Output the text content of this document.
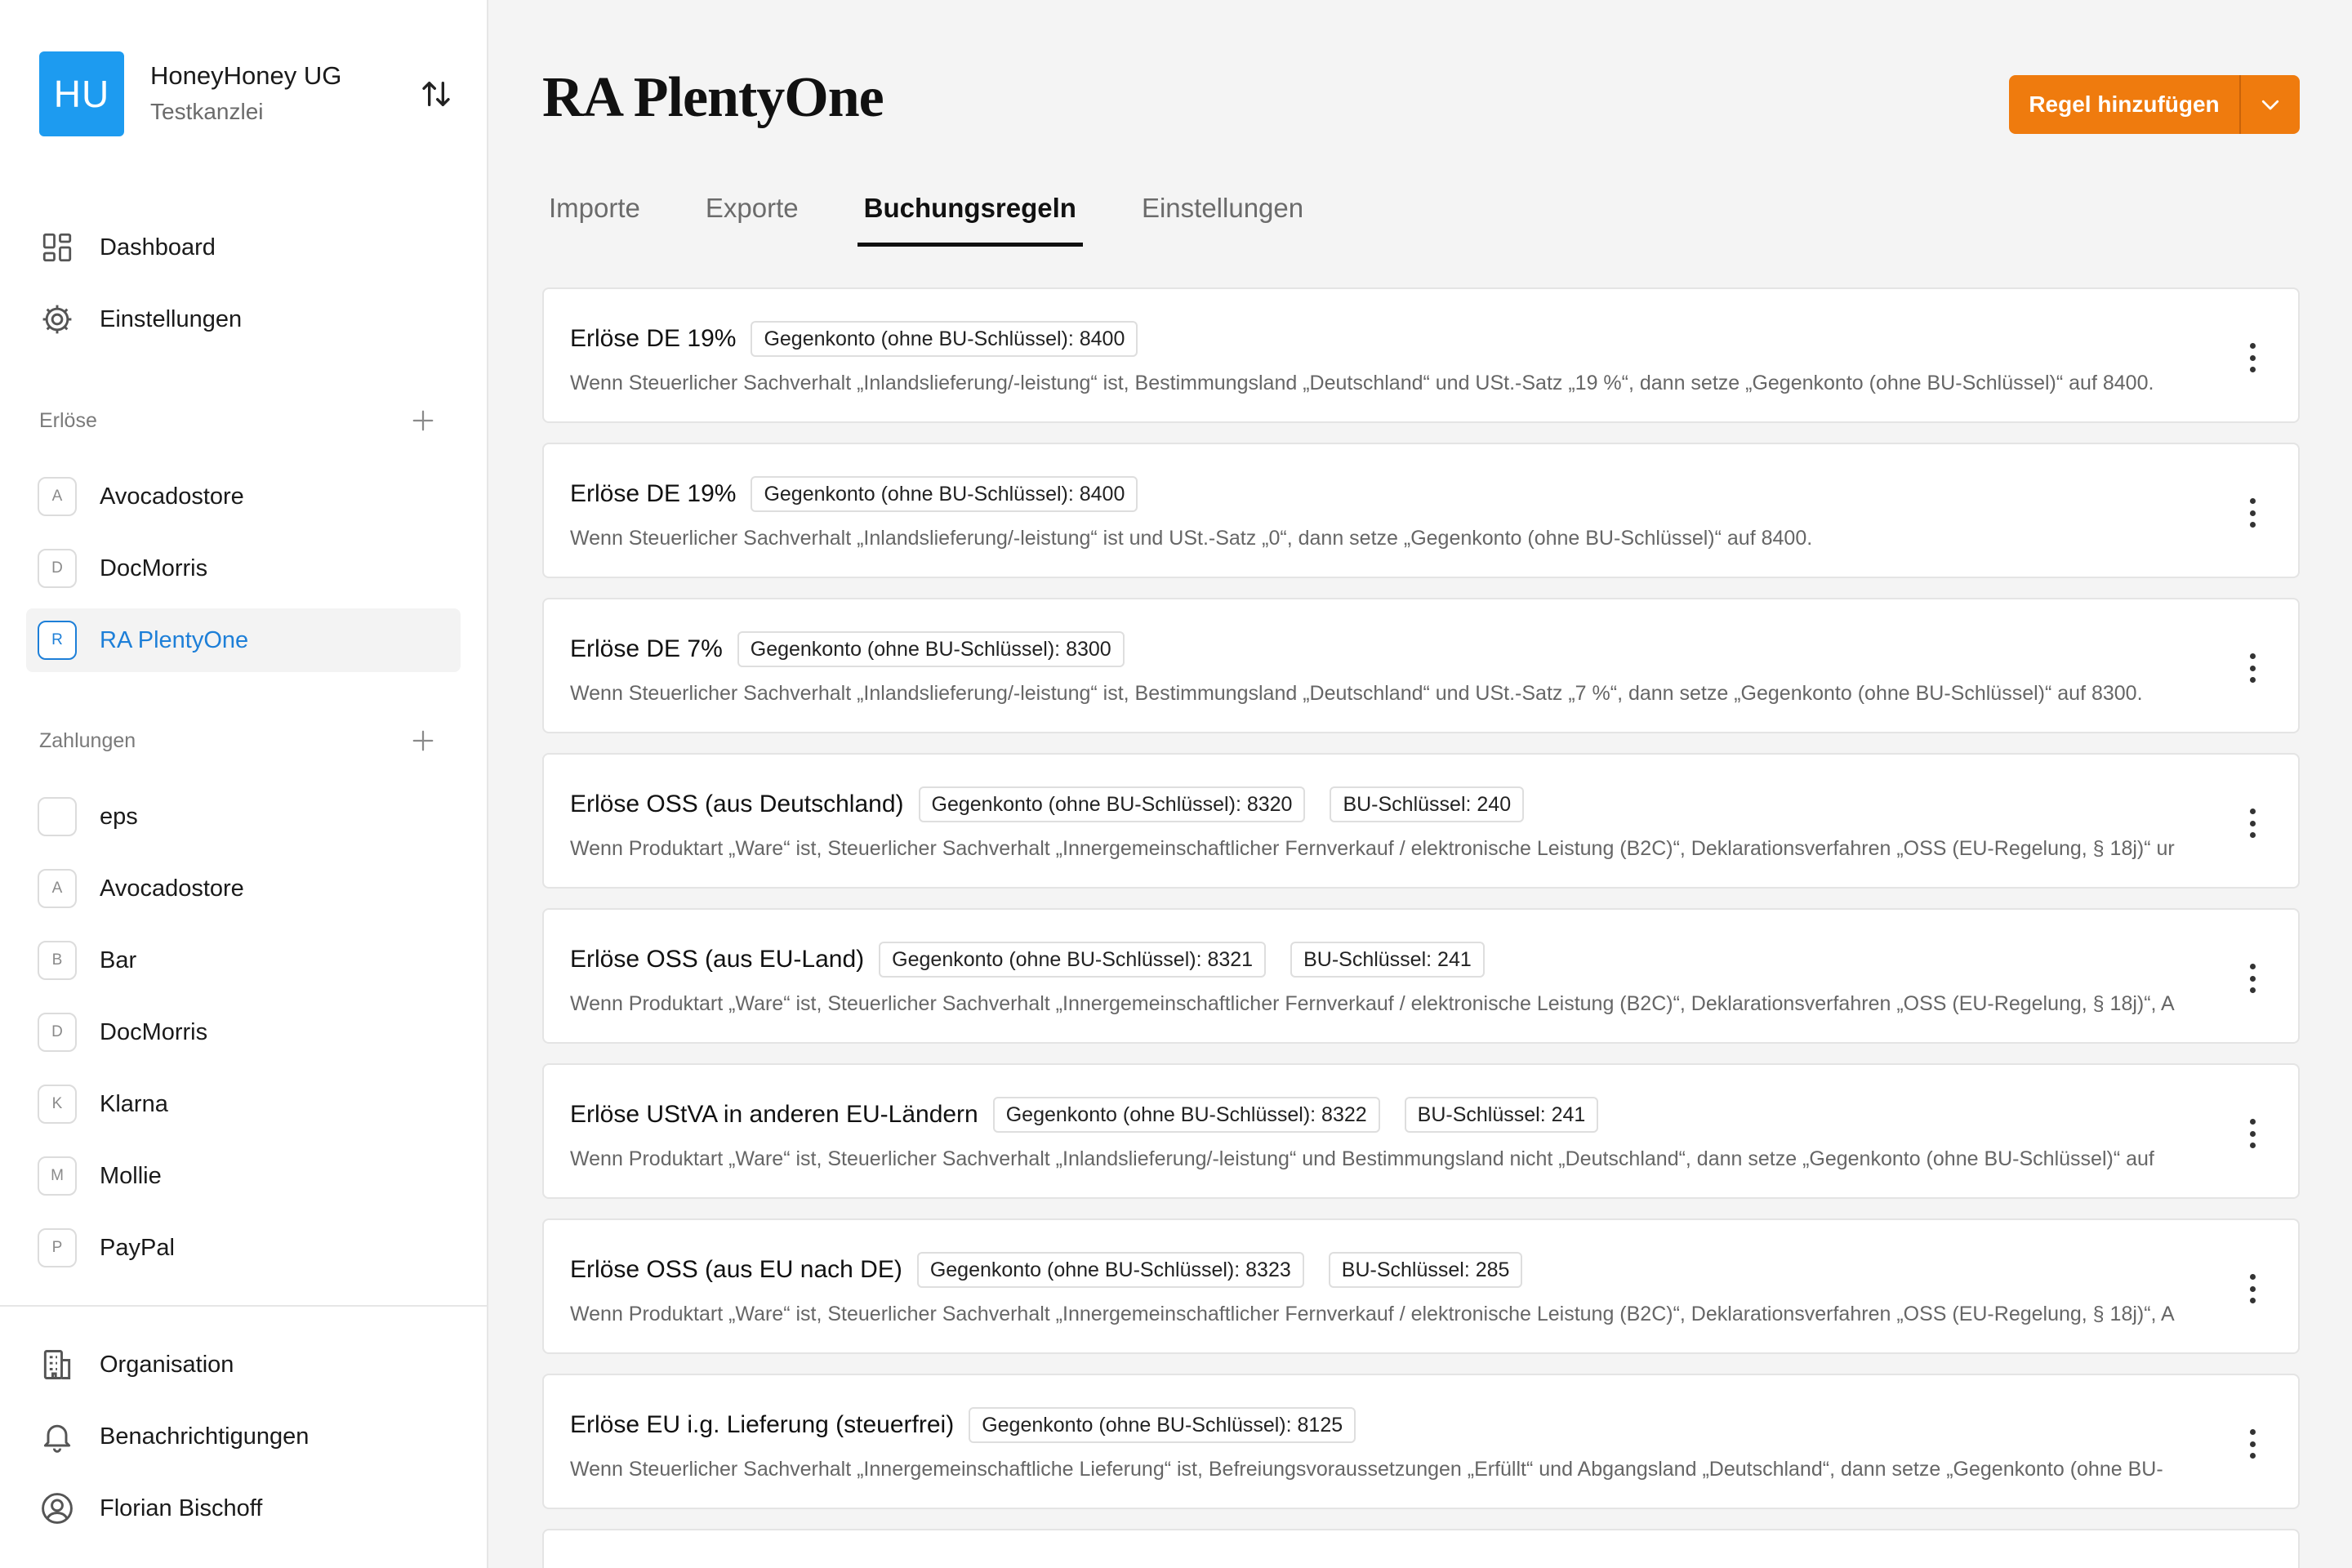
HU	HoneyHoney UG
Testkanzlei
Dashboard
Einstellungen
Erlöse
A	Avocadostore
D	DocMorris
R	RA PlentyOne
Zahlungen
eps
A	Avocadostore
B	Bar
D	DocMorris
K	Klarna
M	Mollie
P	PayPal
Organisation
Benachrichtigungen
Florian Bischoff
RA PlentyOne	Regel hinzufügen
Importe Exporte Buchungsregeln Einstellungen
Erlöse DE 19%	Gegenkonto (ohne BU-Schlüssel): 8400
Wenn Steuerlicher Sachverhalt „Inlandslieferung/-leistung“ ist, Bestimmungsland „Deutschland“ und USt.-Satz „19 %“, dann setze „Gegenkonto (ohne BU-Schlüssel)“ auf 8400.
Erlöse DE 19%	Gegenkonto (ohne BU-Schlüssel): 8400
Wenn Steuerlicher Sachverhalt „Inlandslieferung/-leistung“ ist und USt.-Satz „0“, dann setze „Gegenkonto (ohne BU-Schlüssel)“ auf 8400.
Erlöse DE 7%	Gegenkonto (ohne BU-Schlüssel): 8300
Wenn Steuerlicher Sachverhalt „Inlandslieferung/-leistung“ ist, Bestimmungsland „Deutschland“ und USt.-Satz „7 %“, dann setze „Gegenkonto (ohne BU-Schlüssel)“ auf 8300.
Erlöse OSS (aus Deutschland)	Gegenkonto (ohne BU-Schlüssel): 8320	BU-Schlüssel: 240
Wenn Produktart „Ware“ ist, Steuerlicher Sachverhalt „Innergemeinschaftlicher Fernverkauf / elektronische Leistung (B2C)“, Deklarationsverfahren „OSS (EU-Regelung, § 18j)“ ur
Erlöse OSS (aus EU-Land)	Gegenkonto (ohne BU-Schlüssel): 8321	BU-Schlüssel: 241
Wenn Produktart „Ware“ ist, Steuerlicher Sachverhalt „Innergemeinschaftlicher Fernverkauf / elektronische Leistung (B2C)“, Deklarationsverfahren „OSS (EU-Regelung, § 18j)“, A
Erlöse UStVA in anderen EU-Ländern	Gegenkonto (ohne BU-Schlüssel): 8322	BU-Schlüssel: 241
Wenn Produktart „Ware“ ist, Steuerlicher Sachverhalt „Inlandslieferung/-leistung“ und Bestimmungsland nicht „Deutschland“, dann setze „Gegenkonto (ohne BU-Schlüssel)“ auf
Erlöse OSS (aus EU nach DE)	Gegenkonto (ohne BU-Schlüssel): 8323	BU-Schlüssel: 285
Wenn Produktart „Ware“ ist, Steuerlicher Sachverhalt „Innergemeinschaftlicher Fernverkauf / elektronische Leistung (B2C)“, Deklarationsverfahren „OSS (EU-Regelung, § 18j)“, A
Erlöse EU i.g. Lieferung (steuerfrei)	Gegenkonto (ohne BU-Schlüssel): 8125
Wenn Steuerlicher Sachverhalt „Innergemeinschaftliche Lieferung“ ist, Befreiungsvoraussetzungen „Erfüllt“ und Abgangsland „Deutschland“, dann setze „Gegenkonto (ohne BU-
